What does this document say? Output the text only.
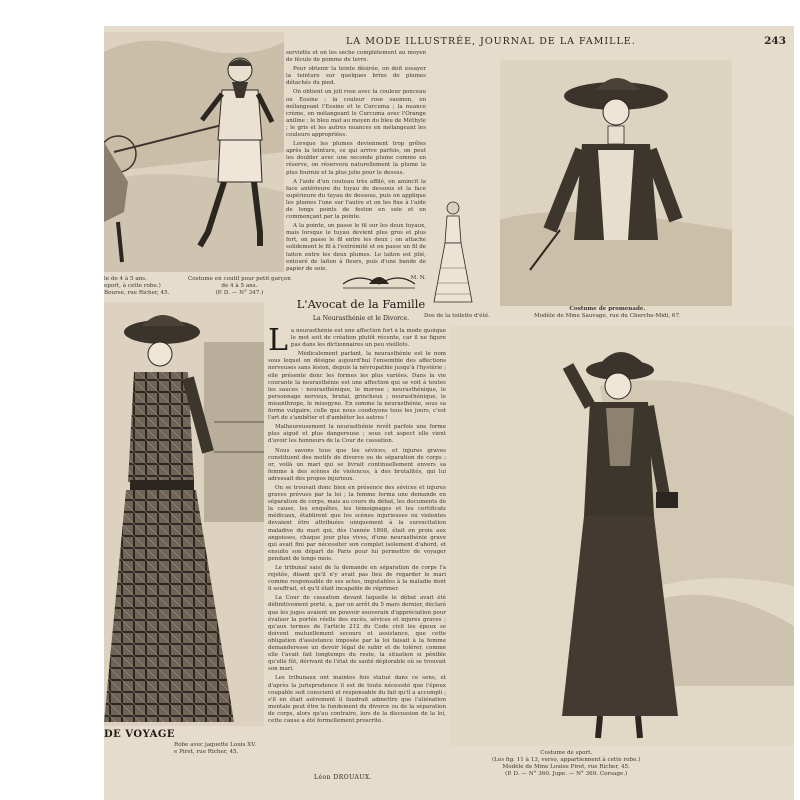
LA MODE ILLUSTRÉE, JOURNAL DE LA FAMILLE.	243
le de 4 à 5 ans.
eport, à cette robe.)
Bourse, rue Richer, 45.
Costume en coutil pour petit garçon
de 4 à 5 ans.
(P. D. — N° 347.)

serviette et on les sèche complètement au moyen de fécule de pomme de terre.

Pour obtenir la teinte désirée, on doit essayer la teinture sur quelques brins de plumes détachés du pied.

On obtient un joli rose avec la couleur ponceau ou Eosine ; la couleur rose saumon, en mélangeant l'Eosine et le Curcuma ; la nuance crème, en mélangeant le Curcuma avec l'Orange aniline ; le bleu mat au moyen du bleu de Méthyle ; le gris et les autres nuances en mélangeant les couleurs appropriées.

Lorsque les plumes deviennent trop grêles après la teinture, ce qui arrive parfois, on peut les doubler avec une seconde plume comme en réserve, on réservera naturellement la plume la plus fournie et la plus jolie pour le dessus.

A l'aide d'un couteau très affilé, on amincit la face antérieure du tuyau de dessous et la face supérieure du tuyau de dessous, puis on applique les plumes l'une sur l'autre et on les fixe à l'aide de longs points de feston en soie et en commençant par la pointe.

A la pointe, on passe le fil sur les deux tuyaux, mais lorsque le tuyau devient plus gros et plus fort, on passe le fil entre les deux ; on attache solidement le fil à l'extrémité et on passe un fil de laiton entre les deux plumes. Le laiton est plié, entouré de laiton à fleurs, puis d'une bande de papier de soie.

M. N.

Dos de la toilette d'été.
Costume de promenade.
Modèle de Mme Sauvage, rue du Cherche-Midi, 67.
L'Avocat de la Famille
La Neurasthénie et le Divorce.

L a neurasthénie est une affection fort à la mode quoique le mot soit de création plutôt récente, car il ne figure pas dans les dictionnaires un peu vieillots.

Médicalement parlant, la neurasthénie est le nom sous lequel on désigne aujourd'hui l'ensemble des affections nerveuses sans lésion, depuis la névropathie jusqu'à l'hystérie ; elle présente donc les formes les plus variées. Dans la vie courante la neurasthénie est une affection qui se voit à toutes les sauces : neurasthénique, le morose ; neurasthénique, le personnage nerveux, brutal, grincheux ; neurasthénique, le misanthrope, le misogyne. En somme la neurasthénie, sous sa forme vulgaire, celle que nous coudoyons tous les jours, c'est l'art de s'ambêter et d'ambêter les autres !

Malheureusement la neurasthénie revêt parfois une forme plus aiguë et plus dangereuse ; sous cet aspect elle vient d'avoir les honneurs de la Cour de cassation.

Nous savons tous que les sévices, et injures graves constituent des motifs de divorce ou de séparation de corps ; or, voilà un mari qui se livrait continuellement envers sa femme à des scènes de violences, à des brutalités, qui lui adressait des propos injurieux.

On se trouvait donc bien en présence des sévices et injures graves prévues par la loi ; la femme forma une demande en séparation de corps, mais au cours du débat, les documents de la cause, les enquêtes, les témoignages et les certificats médicaux, établirent que les scènes injurieuses ou violentes devaient être attribuées uniquement à la surexcitation maladive du mari qui, dès l'année 1898, était en proie aux angoisses, chaque jour plus vives, d'une neurasthénie grave qui avait fini par nécessiter son complet isolement d'abord, et ensuite son départ de Paris pour lui permettre de voyager pendant de longs mois.

Le tribunal saisi de la demande en séparation de corps l'a rejetée, disant qu'il n'y avait pas lieu de regarder le mari comme responsable de ses actes, imputables à la maladie dont il souffrait, et qu'il était incapable de réprimer.

La Cour de cassation devant laquelle le débat avait été définitivement porté, a, par un arrêt du 5 mars dernier, déclaré que les juges avaient un pouvoir souverain d'appréciation pour évaluer la portée réelle des excès, sévices et injures graves ; qu'aux termes de l'article 212 du Code civil les époux se doivent mutuellement secours et assistance, que cette obligation d'assistance imposée par la loi faisait à la femme demanderesse un devoir légal de subir et de tolérer, comme elle l'avait fait longtemps du reste, la situation si pénible qu'elle fût, dérivant de l'état de santé déplorable où se trouvait son mari.

Les tribunaux ont maintes fois statué dans ce sens, et d'après la jurisprudence il est de toute nécessité que l'époux coupable soit conscient et responsable du fait qu'il a accompli ; s'il en était autrement il faudrait admettre que l'aliénation mentale peut être le fondement du divorce ou de la séparation de corps, alors qu'au contraire, lors de la discussion de la loi, cette cause a été formellement proscrite.

Léon DROUAUX.
DE VOYAGE
Robe avec jaquette Louis XV.
e Piret, rue Richer, 45.	Costume de sport.
(Les fig. 11 à 13, verso, appartiennent à cette robe.)
Modèle de Mme Louise Piret, rue Richer, 45.
(P. D. — N° 360. Jupe. — N° 369. Corsage.)
